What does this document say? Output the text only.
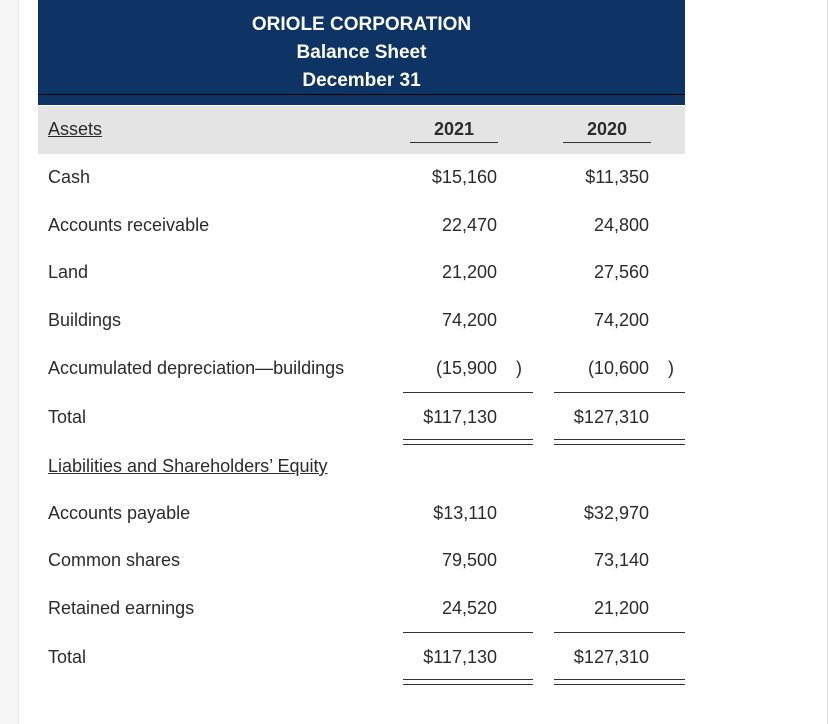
ORIOLE CORPORATION
Balance Sheet
December 31
Assets	2021	2020
Cash	$15,160	$11,350
Accounts receivable	22,470	24,800
Land	21,200	27,560
Buildings	74,200	74,200
Accumulated depreciation—buildings	(15,900 )	(10,600 )
Total	$117,130	$127,310
Liabilities and Shareholders’ Equity
Accounts payable	$13,110	$32,970
Common shares	79,500	73,140
Retained earnings	24,520	21,200
Total	$117,130	$127,310
